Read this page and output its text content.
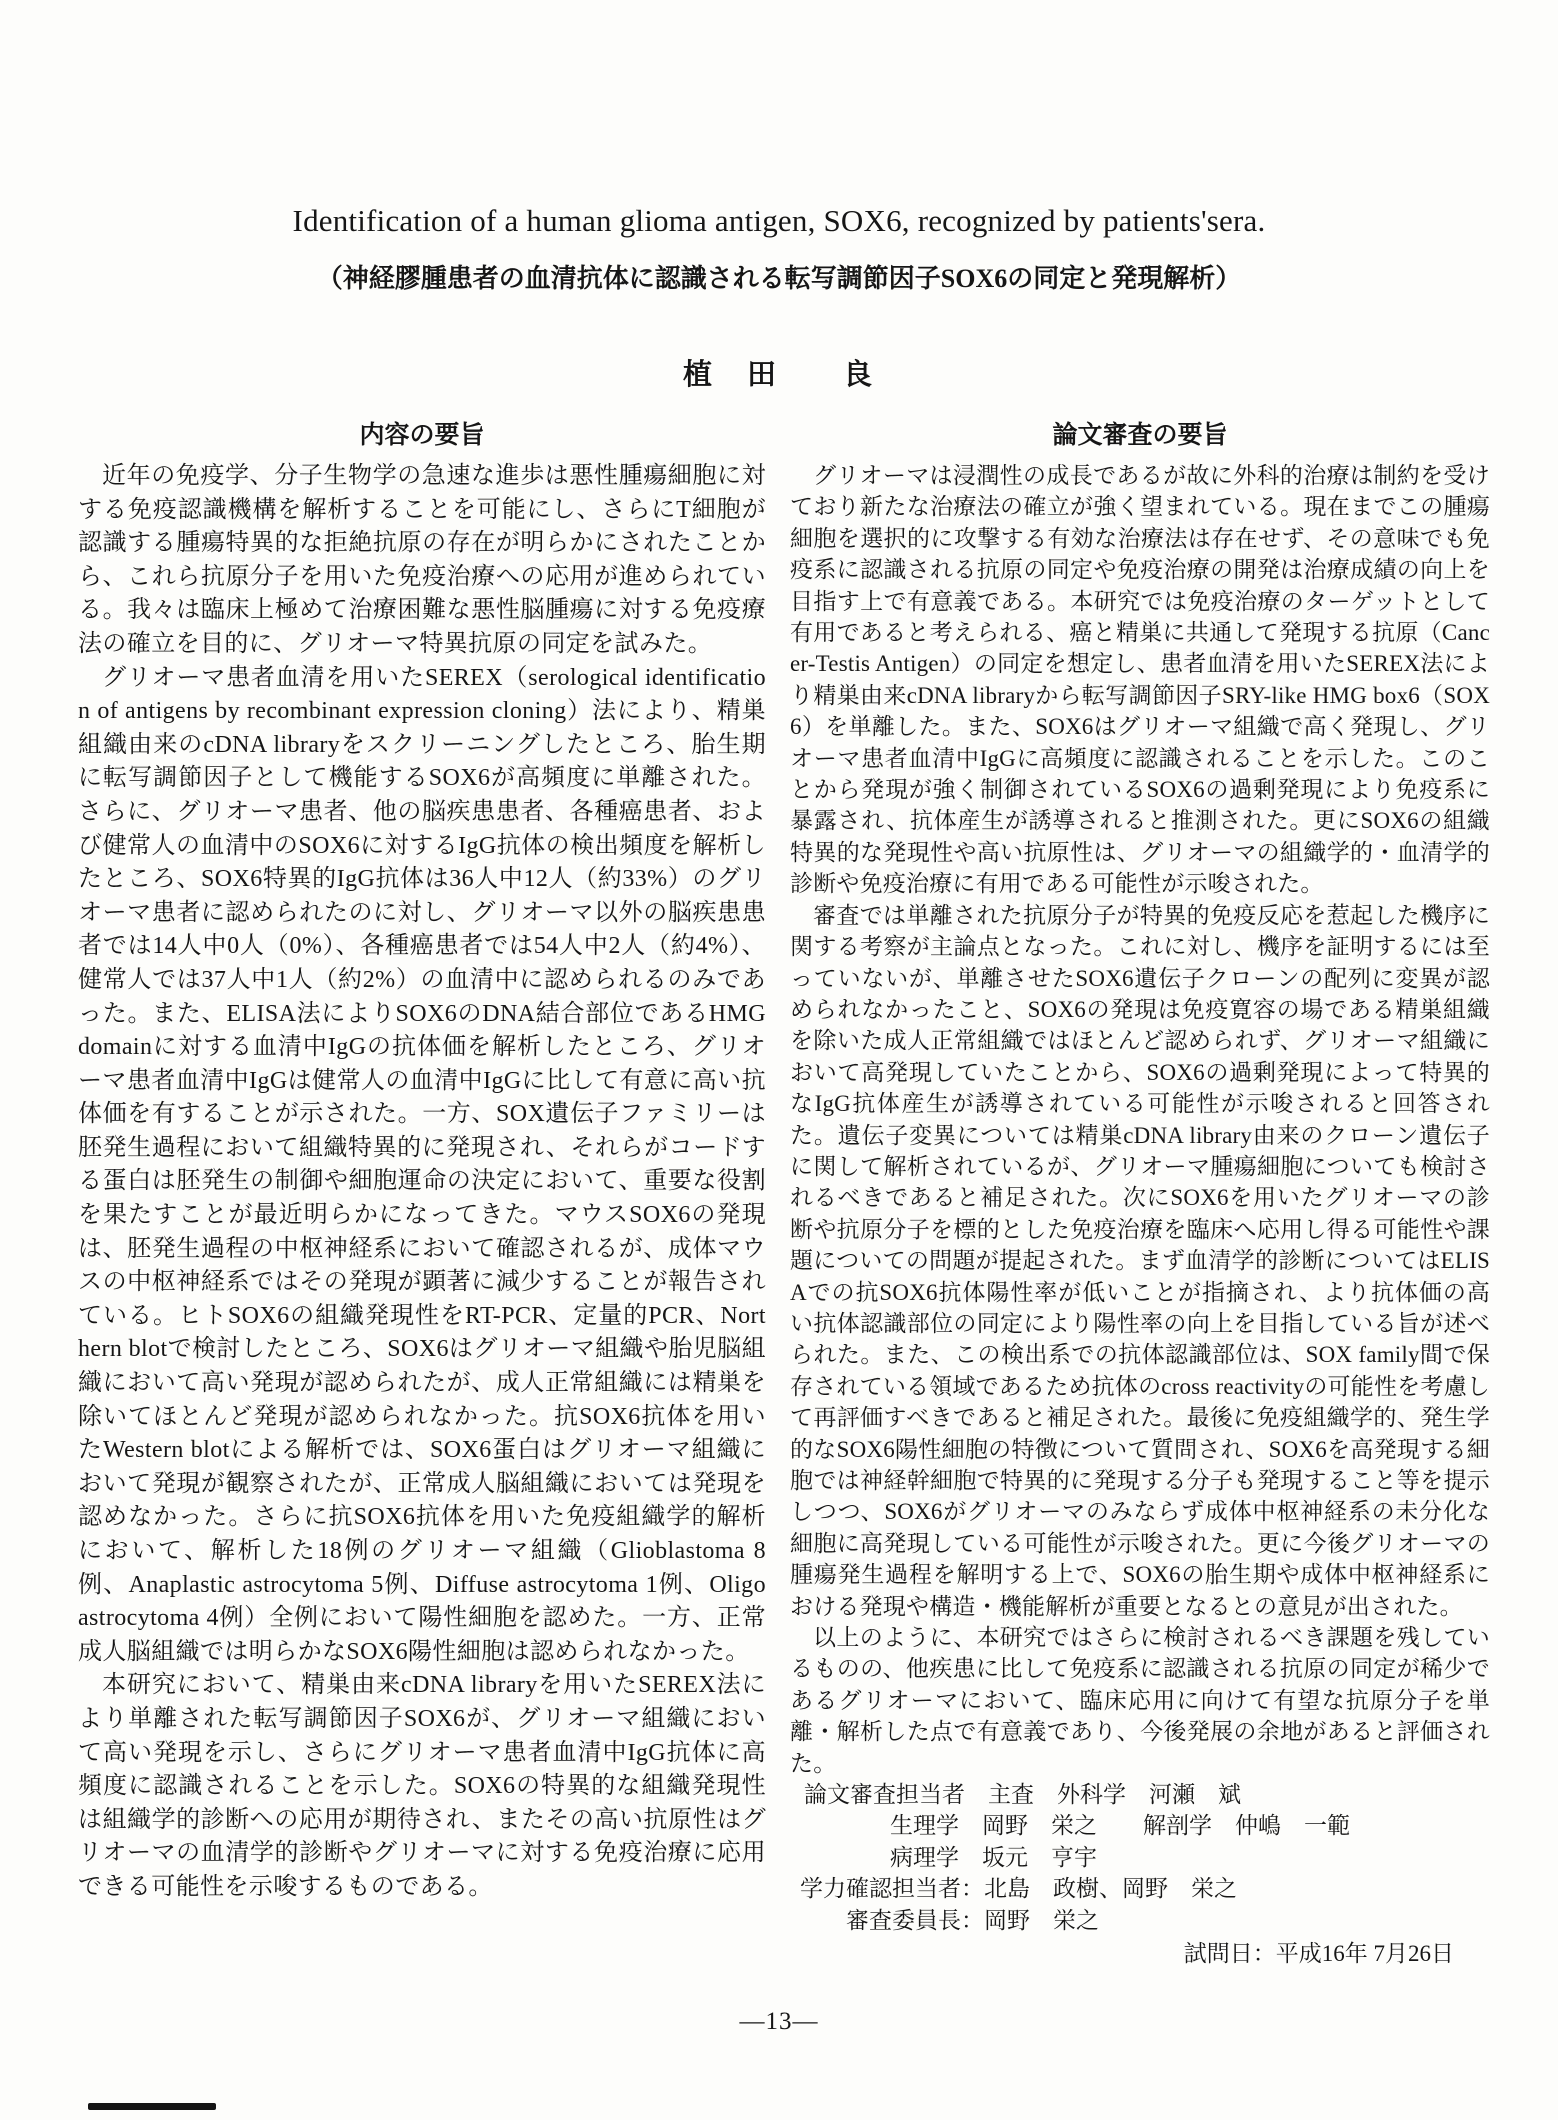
Identification of a human glioma antigen, SOX6, recognized by patients'sera.
（神経膠腫患者の血清抗体に認識される転写調節因子SOX6の同定と発現解析）
植　田　　良
内容の要旨

近年の免疫学、分子生物学の急速な進歩は悪性腫瘍細胞に対する免疫認識機構を解析することを可能にし、さらにT細胞が認識する腫瘍特異的な拒絶抗原の存在が明らかにされたことから、これら抗原分子を用いた免疫治療への応用が進められている。我々は臨床上極めて治療困難な悪性脳腫瘍に対する免疫療法の確立を目的に、グリオーマ特異抗原の同定を試みた。

グリオーマ患者血清を用いたSEREX（serological identification of antigens by recombinant expression cloning）法により、精巣組織由来のcDNA libraryをスクリーニングしたところ、胎生期に転写調節因子として機能するSOX6が高頻度に単離された。さらに、グリオーマ患者、他の脳疾患患者、各種癌患者、および健常人の血清中のSOX6に対するIgG抗体の検出頻度を解析したところ、SOX6特異的IgG抗体は36人中12人（約33%）のグリオーマ患者に認められたのに対し、グリオーマ以外の脳疾患患者では14人中0人（0%）、各種癌患者では54人中2人（約4%）、健常人では37人中1人（約2%）の血清中に認められるのみであった。また、ELISA法によりSOX6のDNA結合部位であるHMG domainに対する血清中IgGの抗体価を解析したところ、グリオーマ患者血清中IgGは健常人の血清中IgGに比して有意に高い抗体価を有することが示された。一方、SOX遺伝子ファミリーは胚発生過程において組織特異的に発現され、それらがコードする蛋白は胚発生の制御や細胞運命の決定において、重要な役割を果たすことが最近明らかになってきた。マウスSOX6の発現は、胚発生過程の中枢神経系において確認されるが、成体マウスの中枢神経系ではその発現が顕著に減少することが報告されている。ヒトSOX6の組織発現性をRT-PCR、定量的PCR、Northern blotで検討したところ、SOX6はグリオーマ組織や胎児脳組織において高い発現が認められたが、成人正常組織には精巣を除いてほとんど発現が認められなかった。抗SOX6抗体を用いたWestern blotによる解析では、SOX6蛋白はグリオーマ組織において発現が観察されたが、正常成人脳組織においては発現を認めなかった。さらに抗SOX6抗体を用いた免疫組織学的解析において、解析した18例のグリオーマ組織（Glioblastoma 8例、Anaplastic astrocytoma 5例、Diffuse astrocytoma 1例、Oligoastrocytoma 4例）全例において陽性細胞を認めた。一方、正常成人脳組織では明らかなSOX6陽性細胞は認められなかった。

本研究において、精巣由来cDNA libraryを用いたSEREX法により単離された転写調節因子SOX6が、グリオーマ組織において高い発現を示し、さらにグリオーマ患者血清中IgG抗体に高頻度に認識されることを示した。SOX6の特異的な組織発現性は組織学的診断への応用が期待され、またその高い抗原性はグリオーマの血清学的診断やグリオーマに対する免疫治療に応用できる可能性を示唆するものである。

論文審査の要旨

グリオーマは浸潤性の成長であるが故に外科的治療は制約を受けており新たな治療法の確立が強く望まれている。現在までこの腫瘍細胞を選択的に攻撃する有効な治療法は存在せず、その意味でも免疫系に認識される抗原の同定や免疫治療の開発は治療成績の向上を目指す上で有意義である。本研究では免疫治療のターゲットとして有用であると考えられる、癌と精巣に共通して発現する抗原（Cancer-Testis Antigen）の同定を想定し、患者血清を用いたSEREX法により精巣由来cDNA libraryから転写調節因子SRY-like HMG box6（SOX6）を単離した。また、SOX6はグリオーマ組織で高く発現し、グリオーマ患者血清中IgGに高頻度に認識されることを示した。このことから発現が強く制御されているSOX6の過剰発現により免疫系に暴露され、抗体産生が誘導されると推測された。更にSOX6の組織特異的な発現性や高い抗原性は、グリオーマの組織学的・血清学的診断や免疫治療に有用である可能性が示唆された。

審査では単離された抗原分子が特異的免疫反応を惹起した機序に関する考察が主論点となった。これに対し、機序を証明するには至っていないが、単離させたSOX6遺伝子クローンの配列に変異が認められなかったこと、SOX6の発現は免疫寛容の場である精巣組織を除いた成人正常組織ではほとんど認められず、グリオーマ組織において高発現していたことから、SOX6の過剰発現によって特異的なIgG抗体産生が誘導されている可能性が示唆されると回答された。遺伝子変異については精巣cDNA library由来のクローン遺伝子に関して解析されているが、グリオーマ腫瘍細胞についても検討されるべきであると補足された。次にSOX6を用いたグリオーマの診断や抗原分子を標的とした免疫治療を臨床へ応用し得る可能性や課題についての問題が提起された。まず血清学的診断についてはELISAでの抗SOX6抗体陽性率が低いことが指摘され、より抗体価の高い抗体認識部位の同定により陽性率の向上を目指している旨が述べられた。また、この検出系での抗体認識部位は、SOX family間で保存されている領域であるため抗体のcross reactivityの可能性を考慮して再評価すべきであると補足された。最後に免疫組織学的、発生学的なSOX6陽性細胞の特徴について質問され、SOX6を高発現する細胞では神経幹細胞で特異的に発現する分子も発現すること等を提示しつつ、SOX6がグリオーマのみならず成体中枢神経系の未分化な細胞に高発現している可能性が示唆された。更に今後グリオーマの腫瘍発生過程を解明する上で、SOX6の胎生期や成体中枢神経系における発現や構造・機能解析が重要となるとの意見が出された。

以上のように、本研究ではさらに検討されるべき課題を残しているものの、他疾患に比して免疫系に認識される抗原の同定が稀少であるグリオーマにおいて、臨床応用に向けて有望な抗原分子を単離・解析した点で有意義であり、今後発展の余地があると評価された。

論文審査担当者　主査　外科学　河瀬　斌
生理学　岡野　栄之　　解剖学　仲嶋　一範
病理学　坂元　亨宇
学力確認担当者：北島　政樹、岡野　栄之
審査委員長：岡野　栄之
試問日：平成16年 7月26日
—13—
